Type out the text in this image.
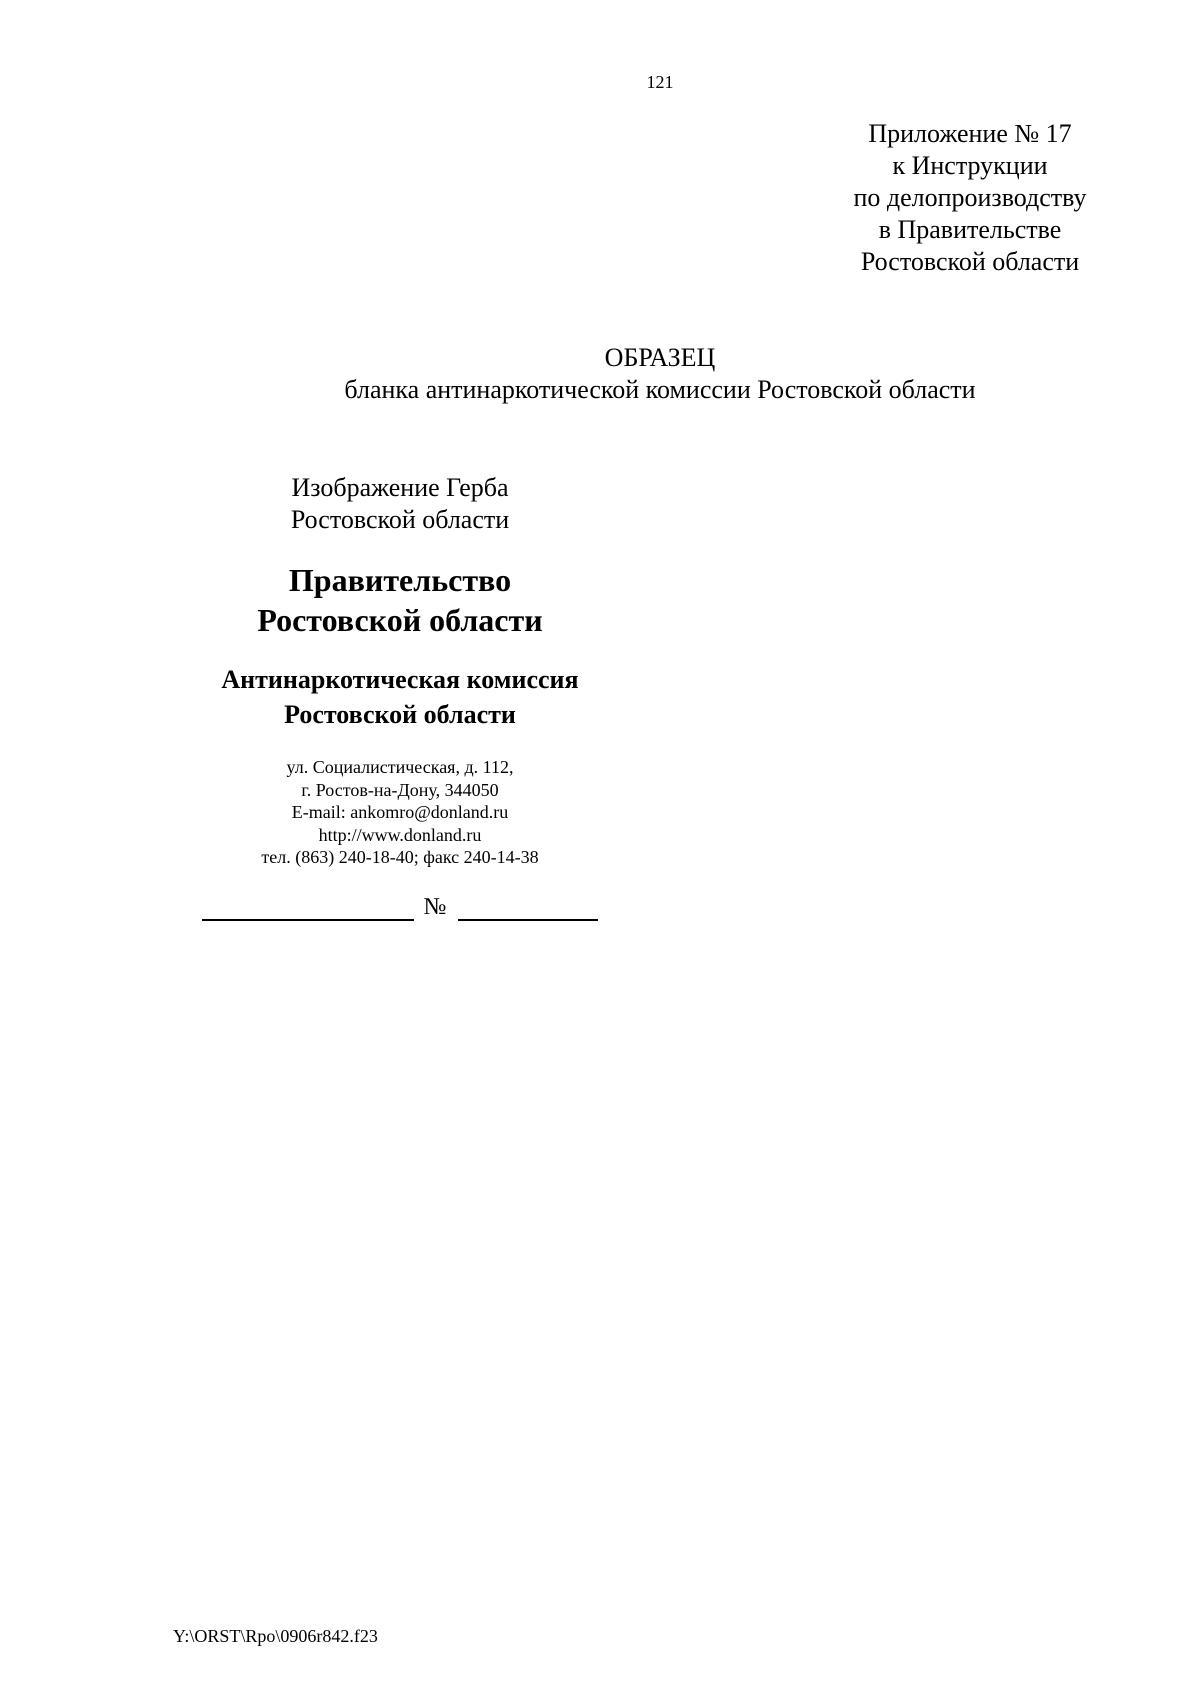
121
Приложение № 17
к Инструкции
по делопроизводству
в Правительстве
Ростовской области
ОБРАЗЕЦ
бланка антинаркотической комиссии Ростовской области
Изображение Герба
Ростовской области
Правительство
Ростовской области
Антинаркотическая комиссия
Ростовской области
ул. Социалистическая, д. 112,
г. Ростов-на-Дону, 344050
E-mail: ankomro@donland.ru
http://www.donland.ru
тел. (863) 240-18-40; факс 240-14-38
№
Y:\ORST\Rpo\0906r842.f23
